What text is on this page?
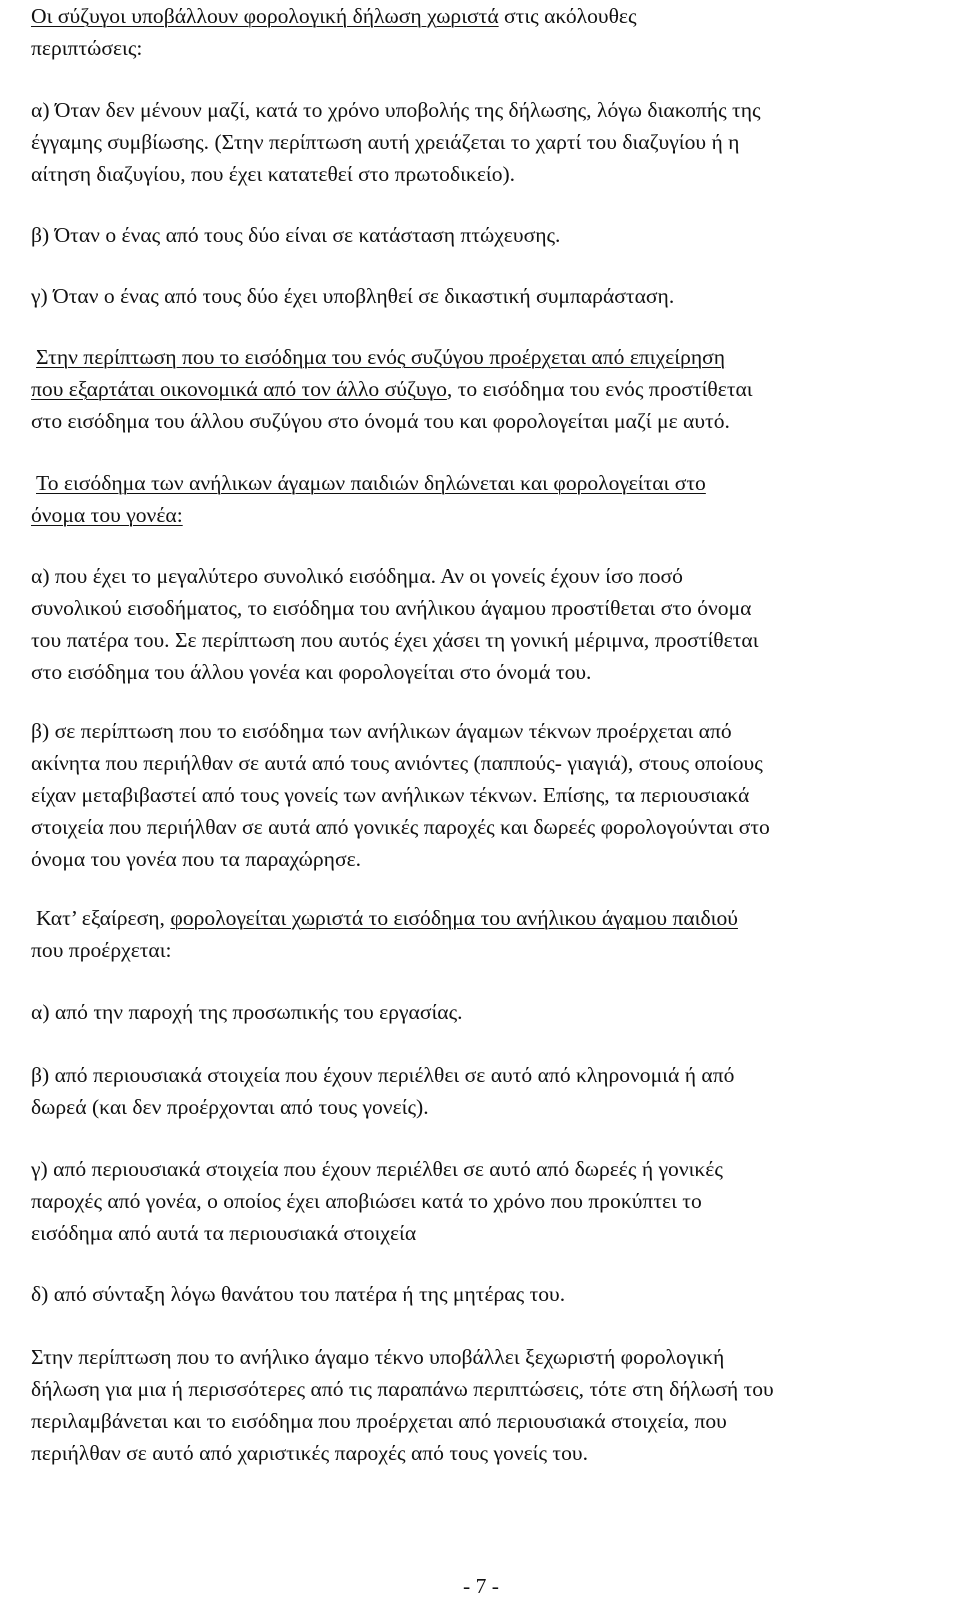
Οι σύζυγοι υποβάλλουν φορολογική δήλωση χωριστά στις ακόλουθες
περιπτώσεις:

α) Όταν δεν μένουν μαζί, κατά το χρόνο υποβολής της δήλωσης, λόγω διακοπής της
έγγαμης συμβίωσης. (Στην περίπτωση αυτή χρειάζεται το χαρτί του διαζυγίου ή η
αίτηση διαζυγίου, που έχει κατατεθεί στο πρωτοδικείο).

β) Όταν ο ένας από τους δύο είναι σε κατάσταση πτώχευσης.

γ) Όταν ο ένας από τους δύο έχει υποβληθεί σε δικαστική συμπαράσταση.

Στην περίπτωση που το εισόδημα του ενός συζύγου προέρχεται από επιχείρηση
που εξαρτάται οικονομικά από τον άλλο σύζυγο, το εισόδημα του ενός προστίθεται
στο εισόδημα του άλλου συζύγου στο όνομά του και φορολογείται μαζί με αυτό.

Το εισόδημα των ανήλικων άγαμων παιδιών δηλώνεται και φορολογείται στο
όνομα του γονέα:

α) που έχει το μεγαλύτερο συνολικό εισόδημα. Αν οι γονείς έχουν ίσο ποσό
συνολικού εισοδήματος, το εισόδημα του ανήλικου άγαμου προστίθεται στο όνομα
του πατέρα του. Σε περίπτωση που αυτός έχει χάσει τη γονική μέριμνα, προστίθεται
στο εισόδημα του άλλου γονέα και φορολογείται στο όνομά του.

β) σε περίπτωση που το εισόδημα των ανήλικων άγαμων τέκνων προέρχεται από
ακίνητα που περιήλθαν σε αυτά από τους ανιόντες (παππούς- γιαγιά), στους οποίους
είχαν μεταβιβαστεί από τους γονείς των ανήλικων τέκνων. Επίσης, τα περιουσιακά
στοιχεία που περιήλθαν σε αυτά από γονικές παροχές και δωρεές φορολογούνται στο
όνομα του γονέα που τα παραχώρησε.

Κατ’ εξαίρεση, φορολογείται χωριστά το εισόδημα του ανήλικου άγαμου παιδιού
που προέρχεται:

α) από την παροχή της προσωπικής του εργασίας.

β) από περιουσιακά στοιχεία που έχουν περιέλθει σε αυτό από κληρονομιά ή από
δωρεά (και δεν προέρχονται από τους γονείς).

γ) από περιουσιακά στοιχεία που έχουν περιέλθει σε αυτό από δωρεές ή γονικές
παροχές από γονέα, ο οποίος έχει αποβιώσει κατά το χρόνο που προκύπτει το
εισόδημα από αυτά τα περιουσιακά στοιχεία

δ) από σύνταξη λόγω θανάτου του πατέρα ή της μητέρας του.

Στην περίπτωση που το ανήλικο άγαμο τέκνο υποβάλλει ξεχωριστή φορολογική
δήλωση για μια ή περισσότερες από τις παραπάνω περιπτώσεις, τότε στη δήλωσή του
περιλαμβάνεται και το εισόδημα που προέρχεται από περιουσιακά στοιχεία, που
περιήλθαν σε αυτό από χαριστικές παροχές από τους γονείς του.

- 7 -
